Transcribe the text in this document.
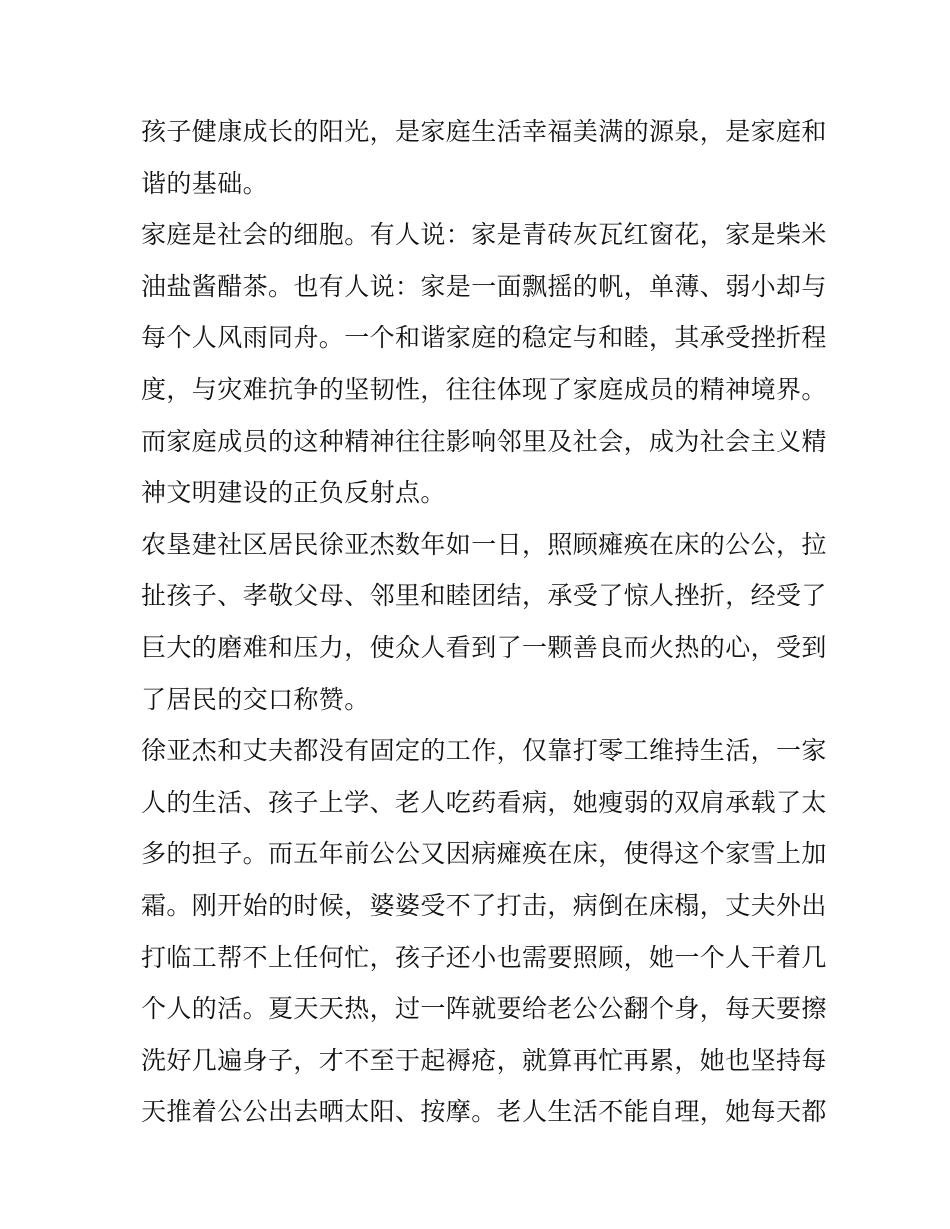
孩子健康成长的阳光，是家庭生活幸福美满的源泉，是家庭和
谐的基础。
家庭是社会的细胞。有人说：家是青砖灰瓦红窗花，家是柴米
油盐酱醋茶。也有人说：家是一面飘摇的帆，单薄、弱小却与
每个人风雨同舟。一个和谐家庭的稳定与和睦，其承受挫折程
度，与灾难抗争的坚韧性，往往体现了家庭成员的精神境界。
而家庭成员的这种精神往往影响邻里及社会，成为社会主义精
神文明建设的正负反射点。
农垦建社区居民徐亚杰数年如一日，照顾瘫痪在床的公公，拉
扯孩子、孝敬父母、邻里和睦团结，承受了惊人挫折，经受了
巨大的磨难和压力，使众人看到了一颗善良而火热的心，受到
了居民的交口称赞。
徐亚杰和丈夫都没有固定的工作，仅靠打零工维持生活，一家
人的生活、孩子上学、老人吃药看病，她瘦弱的双肩承载了太
多的担子。而五年前公公又因病瘫痪在床，使得这个家雪上加
霜。刚开始的时候，婆婆受不了打击，病倒在床榻，丈夫外出
打临工帮不上任何忙，孩子还小也需要照顾，她一个人干着几
个人的活。夏天天热，过一阵就要给老公公翻个身，每天要擦
洗好几遍身子，才不至于起褥疮，就算再忙再累，她也坚持每
天推着公公出去晒太阳、按摩。老人生活不能自理，她每天都
